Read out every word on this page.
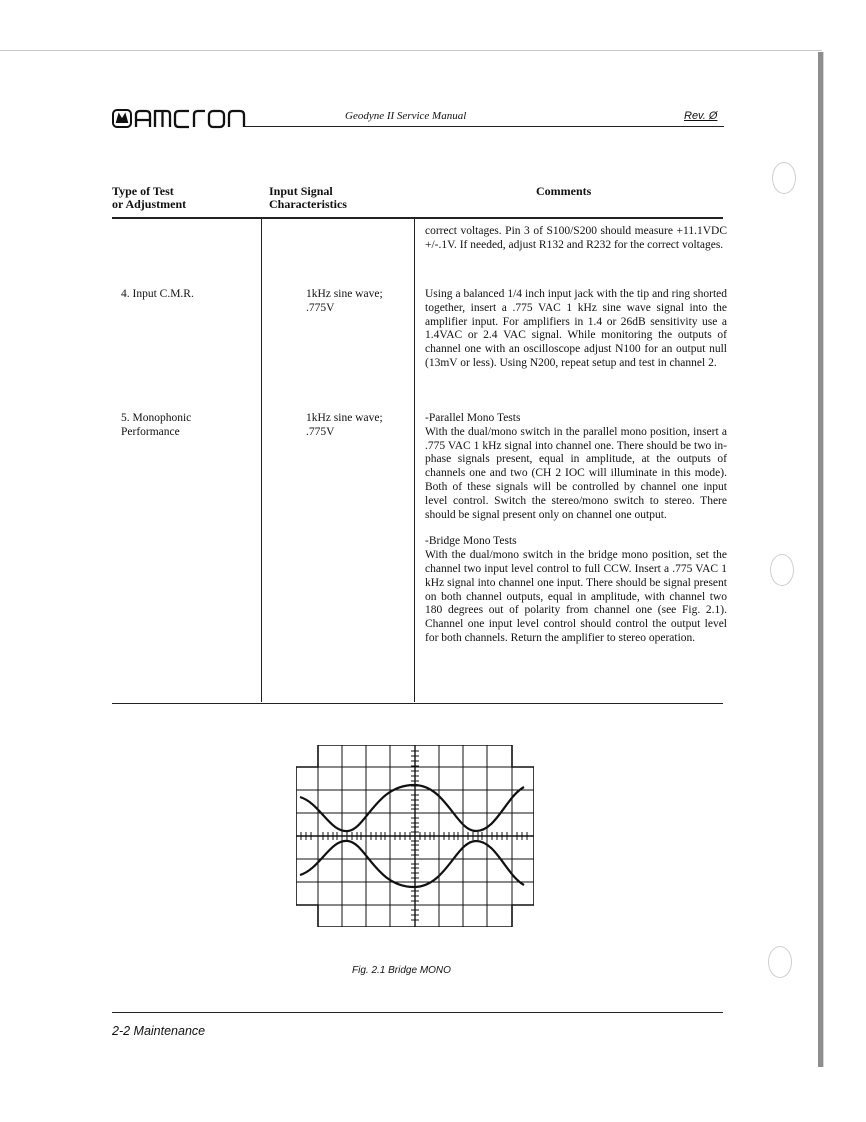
Geodyne II Service Manual	Rev. Ø
Type of Test
or Adjustment
Input Signal
Characteristics
Comments

correct voltages. Pin 3 of S100/S200 should measure +11.1VDC +/-.1V. If needed, adjust R132 and R232 for the correct voltages.

4. Input C.M.R.	1kHz sine wave;
.775V

Using a balanced 1/4 inch input jack with the tip and ring shorted together, insert a .775 VAC 1 kHz sine wave signal into the amplifier input. For amplifiers in 1.4 or 26dB sensitivity use a 1.4VAC or 2.4 VAC signal. While monitoring the outputs of channel one with an oscilloscope adjust N100 for an output null (13mV or less). Using N200, repeat setup and test in channel 2.

5. Monophonic
Performance
1kHz sine wave;
.775V

-Parallel Mono Tests

With the dual/mono switch in the parallel mono position, insert a .775 VAC 1 kHz signal into channel one. There should be two in-phase signals present, equal in amplitude, at the outputs of channels one and two (CH 2 IOC will illuminate in this mode). Both of these signals will be controlled by channel one input level control. Switch the stereo/mono switch to stereo. There should be signal present only on channel one output.

-Bridge Mono Tests

With the dual/mono switch in the bridge mono position, set the channel two input level control to full CCW. Insert a .775 VAC 1 kHz signal into channel one input. There should be signal present on both channel outputs, equal in amplitude, with channel two 180 degrees out of polarity from channel one (see Fig. 2.1). Channel one input level control should control the output level for both channels. Return the amplifier to stereo operation.

Fig. 2.1 Bridge MONO
2-2 Maintenance
